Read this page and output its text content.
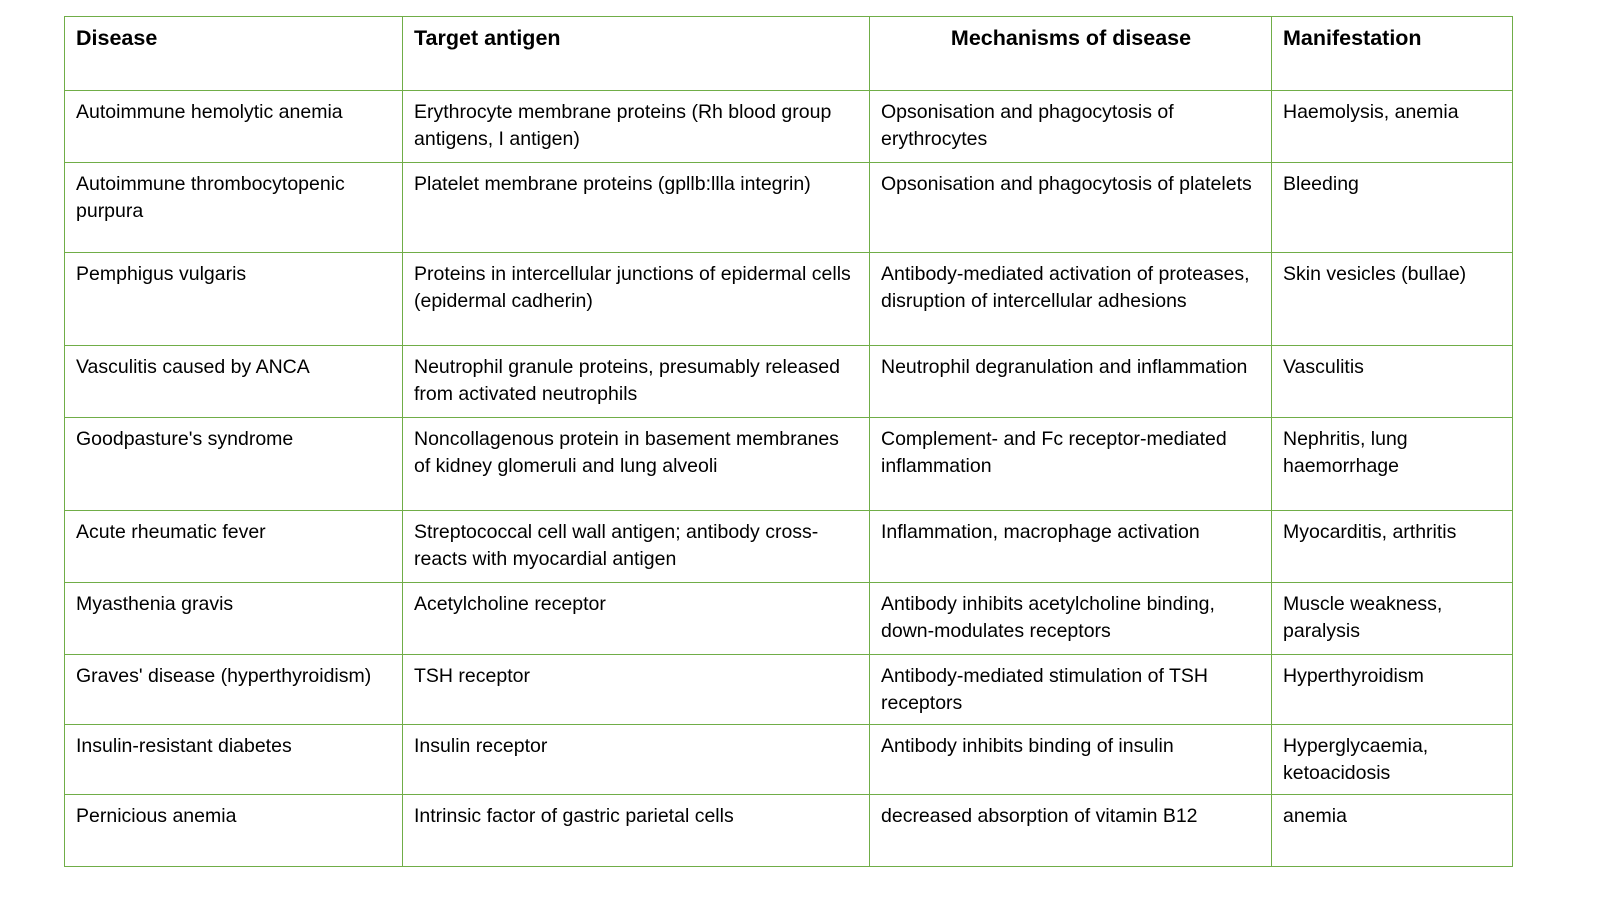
Disease	Target antigen	Mechanisms of disease	Manifestation
Autoimmune hemolytic anemia	Erythrocyte membrane proteins (Rh blood group antigens, I antigen)	Opsonisation and phagocytosis of erythrocytes	Haemolysis, anemia
Autoimmune thrombocytopenic purpura	Platelet membrane proteins (gpllb:llla integrin)	Opsonisation and phagocytosis of platelets	Bleeding
Pemphigus vulgaris	Proteins in intercellular junctions of epidermal cells (epidermal cadherin)	Antibody-mediated activation of proteases, disruption of intercellular adhesions	Skin vesicles (bullae)
Vasculitis caused by ANCA	Neutrophil granule proteins, presumably released from activated neutrophils	Neutrophil degranulation and inflammation	Vasculitis
Goodpasture's syndrome	Noncollagenous protein in basement membranes of kidney glomeruli and lung alveoli	Complement- and Fc receptor-mediated inflammation	Nephritis, lung haemorrhage
Acute rheumatic fever	Streptococcal cell wall antigen; antibody cross-reacts with myocardial antigen	Inflammation, macrophage activation	Myocarditis, arthritis
Myasthenia gravis	Acetylcholine receptor	Antibody inhibits acetylcholine binding, down-modulates receptors	Muscle weakness, paralysis
Graves' disease (hyperthyroidism)	TSH receptor	Antibody-mediated stimulation of TSH receptors	Hyperthyroidism
Insulin-resistant diabetes	Insulin receptor	Antibody inhibits binding of insulin	Hyperglycaemia, ketoacidosis
Pernicious anemia	Intrinsic factor of gastric parietal cells	decreased absorption of vitamin B12	anemia
